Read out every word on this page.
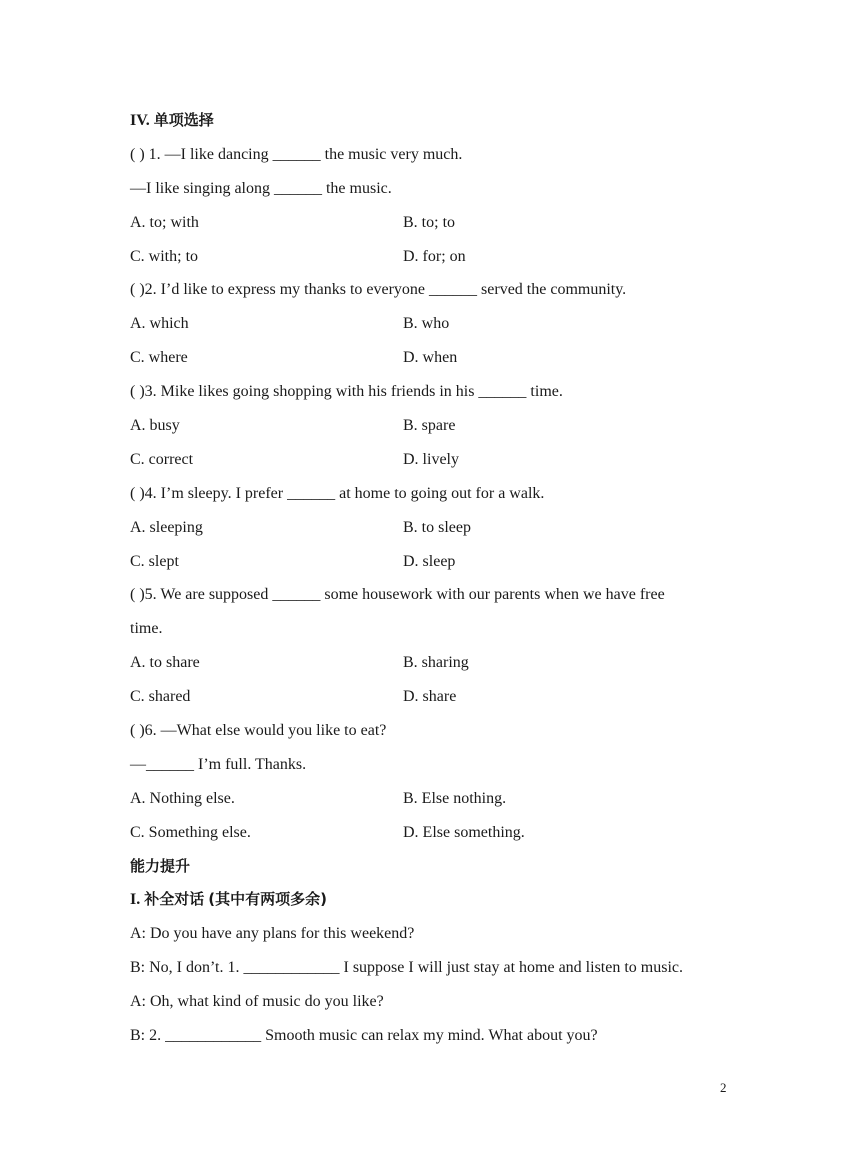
IV. 单项选择
( ) 1. —I like dancing ______ the music very much.
—I like singing along ______ the music.
A. to; with	B. to; to
C. with; to	D. for; on
( )2. I’d like to express my thanks to everyone ______ served the community.
A. which	B. who
C. where	D. when
( )3. Mike likes going shopping with his friends in his ______ time.
A. busy	B. spare
C. correct	D. lively
( )4. I’m sleepy. I prefer ______ at home to going out for a walk.
A. sleeping	B. to sleep
C. slept	D. sleep
( )5. We are supposed ______ some housework with our parents when we have free
time.
A. to share	B. sharing
C. shared	D. share
( )6. —What else would you like to eat?
—______ I’m full. Thanks.
A. Nothing else.	B. Else nothing.
C. Something else.	D. Else something.
能力提升
I. 补全对话 (其中有两项多余)
A: Do you have any plans for this weekend?
B: No, I don’t. 1. ____________ I suppose I will just stay at home and listen to music.
A: Oh, what kind of music do you like?
B: 2. ____________ Smooth music can relax my mind. What about you?
2
